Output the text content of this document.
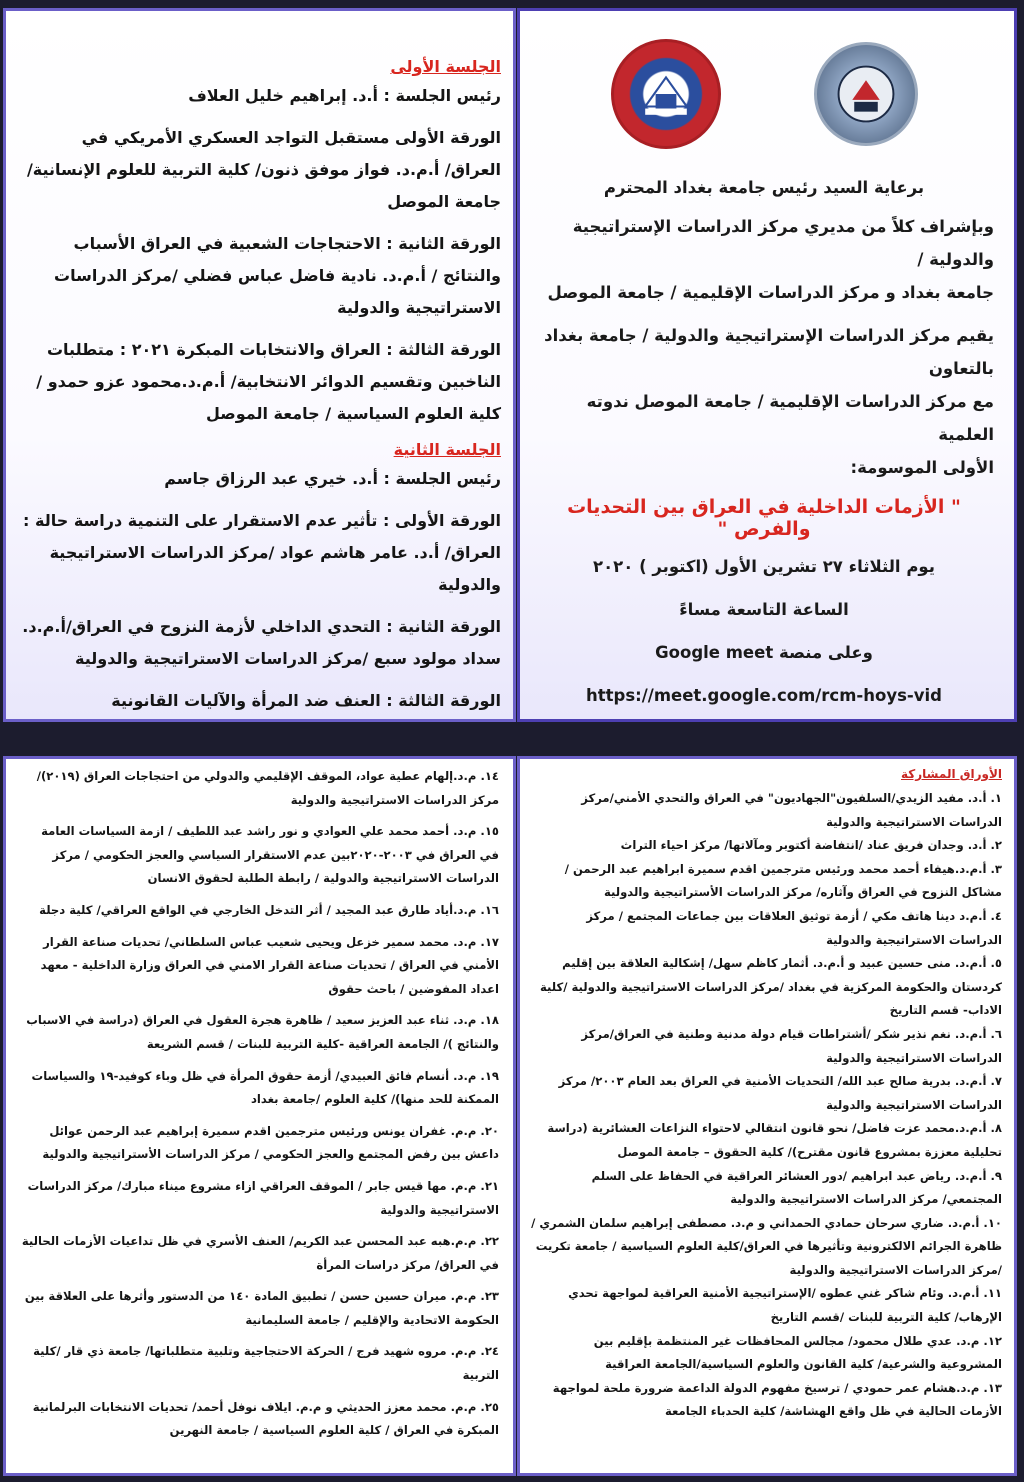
برعاية السيد رئيس جامعة بغداد المحترم
وبإشراف كلاً من مديري مركز الدراسات الإستراتيجية والدولية /
جامعة بغداد و مركز الدراسات الإقليمية / جامعة الموصل
يقيم مركز الدراسات الإستراتيجية والدولية / جامعة بغداد بالتعاون
مع مركز الدراسات الإقليمية / جامعة الموصل ندوته العلمية
الأولى الموسومة:
" الأزمات الداخلية في العراق بين التحديات والفرص "
يوم الثلاثاء ٢٧ تشرين الأول (اكتوبر ) ٢٠٢٠
الساعة التاسعة مساءً
وعلى منصة Google meet
https://meet.google.com/rcm-hoys-vid
الجلسة الأولى
رئيس الجلسة : أ.د. إبراهيم خليل العلاف
الورقة الأولى مستقبل التواجد العسكري الأمريكي في العراق/ أ.م.د. فواز موفق ذنون/ كلية التربية للعلوم الإنسانية/ جامعة الموصل
الورقة الثانية : الاحتجاجات الشعبية في العراق الأسباب والنتائج / أ.م.د. نادية فاضل عباس فضلي /مركز الدراسات الاستراتيجية والدولية
الورقة الثالثة : العراق والانتخابات المبكرة ٢٠٢١ : متطلبات الناخبين وتقسيم الدوائر الانتخابية/ أ.م.د.محمود عزو حمدو /كلية العلوم السياسية / جامعة الموصل
الجلسة الثانية
رئيس الجلسة : أ.د. خيري عبد الرزاق جاسم
الورقة الأولى : تأثير عدم الاستقرار على التنمية دراسة حالة : العراق/ أ.د. عامر هاشم عواد /مركز الدراسات الاستراتيجية والدولية
الورقة الثانية : التحدي الداخلي لأزمة النزوح في العراق/أ.م.د. سداد مولود سبع /مركز الدراسات الاستراتيجية والدولية
الورقة الثالثة : العنف ضد المرأة والآليات القانونية
الأوراق المشاركة
١. أ.د. مفيد الزيدي/السلفيون"الجهاديون" في العراق والتحدي الأمني/مركز الدراسات الاستراتيجية والدولية
٢. أ.د. وجدان فريق عناد /انتفاضة أكتوبر ومآلاتها/ مركز احياء التراث
٣. أ.م.د.هيفاء أحمد محمد ورئيس مترجمين اقدم سميرة ابراهيم عبد الرحمن /مشاكل النزوح في العراق وآثاره/ مركز الدراسات الأستراتيجية والدولية
٤. أ.م.د دينا هاتف مكي / أزمة توثيق العلاقات بين جماعات المجتمع / مركز الدراسات الاستراتيجية والدولية
٥. أ.م.د. منى حسين عبيد و أ.م.د. أثمار كاظم سهل/ إشكالية العلاقة بين إقليم كردستان والحكومة المركزية في بغداد /مركز الدراسات الاستراتيجية والدولية /كلية الاداب- قسم التاريخ
٦. أ.م.د. نغم نذير شكر /أشتراطات قيام دولة مدنية وطنية في العراق/مركز الدراسات الاستراتيجية والدولية
٧. أ.م.د. بدرية صالح عبد الله/ التحديات الأمنية في العراق بعد العام ٢٠٠٣/ مركز الدراسات الاستراتيجية والدولية
٨. أ.م.د.محمد عزت فاضل/ نحو قانون انتقالي لاحتواء النزاعات العشائرية (دراسة تحليلية معززة بمشروع قانون مقترح)/ كلية الحقوق – جامعة الموصل
٩. أ.م.د. رياض عبد ابراهيم /دور العشائر العراقية في الحفاظ على السلم المجتمعي/ مركز الدراسات الاستراتيجية والدولية
١٠. أ.م.د. ضاري سرحان حمادي الحمداني و م.د. مصطفى إبراهيم سلمان الشمري /ظاهرة الجرائم الالكترونية وتأثيرها في العراق/كلية العلوم السياسية / جامعة تكريت /مركز الدراسات الاستراتيجية والدولية
١١. أ.م.د. وئام شاكر غني عطوه /الإستراتيجية الأمنية العراقية لمواجهة تحدي الإرهاب/ كلية التربية للبنات /قسم التاريخ
١٢. م.د. عدي طلال محمود/ مجالس المحافظات غير المنتظمة بإقليم بين المشروعية والشرعية/ كلية القانون والعلوم السياسية/الجامعة العراقية
١٣. م.د.هشام عمر حمودي / ترسيخ مفهوم الدولة الداعمة ضرورة ملحة لمواجهة الأزمات الحالية في ظل واقع الهشاشة/ كلية الحدباء الجامعة
١٤. م.د.إلهام عطية عواد، الموقف الإقليمي والدولي من احتجاجات العراق (٢٠١٩)/مركز الدراسات الاستراتيجية والدولية
١٥. م.د. أحمد محمد علي العوادي و نور راشد عبد اللطيف / ازمة السياسات العامة في العراق في ٢٠٠٣-٢٠٢٠بين عدم الاستقرار السياسي والعجز الحكومي / مركز الدراسات الاستراتيجية والدولية / رابطة الطلبة لحقوق الانسان
١٦. م.د.أياد طارق عبد المجيد / أثر التدخل الخارجي في الواقع العراقي/ كلية دجلة
١٧. م.د. محمد سمير خزعل ويحيى شعيب عباس السلطاني/ تحديات صناعة القرار الأمني في العراق / تحديات صناعة القرار الامني في العراق وزارة الداخلية - معهد اعداد المفوضين / باحث حقوق
١٨. م.د. ثناء عبد العزيز سعيد / ظاهرة هجرة العقول في العراق (دراسة في الاسباب والنتائج )/ الجامعة العراقية -كلية التربية للبنات / قسم الشريعة
١٩. م.د. أنسام فائق العبيدي/ أزمة حقوق المرأة في ظل وباء كوفيد-١٩ والسياسات الممكنة للحد منها)/ كلية العلوم /جامعة بغداد
٢٠. م.م. غفران يونس ورئيس مترجمين اقدم سميرة إبراهيم عبد الرحمن عوائل داعش بين رفض المجتمع والعجز الحكومي / مركز الدراسات الأستراتيجية والدولية
٢١. م.م. مها قيس جابر / الموقف العراقي ازاء مشروع ميناء مبارك/ مركز الدراسات الاستراتيجية والدولية
٢٢. م.م.هبه عبد المحسن عبد الكريم/ العنف الأسري في ظل تداعيات الأزمات الحالية في العراق/ مركز دراسات المرأة
٢٣. م.م. ميران حسين حسن / تطبيق المادة ١٤٠ من الدستور وأثرها على العلاقة بين الحكومة الاتحادية والإقليم / جامعة السليمانية
٢٤. م.م. مروه شهيد فرج / الحركة الاحتجاجية وتلبية متطلباتها/ جامعة ذي قار /كلية التربية
٢٥. م.م. محمد معزز الحديثي و م.م. ايلاف نوفل أحمد/ تحديات الانتخابات البرلمانية المبكرة في العراق / كلية العلوم السياسية / جامعة النهرين
